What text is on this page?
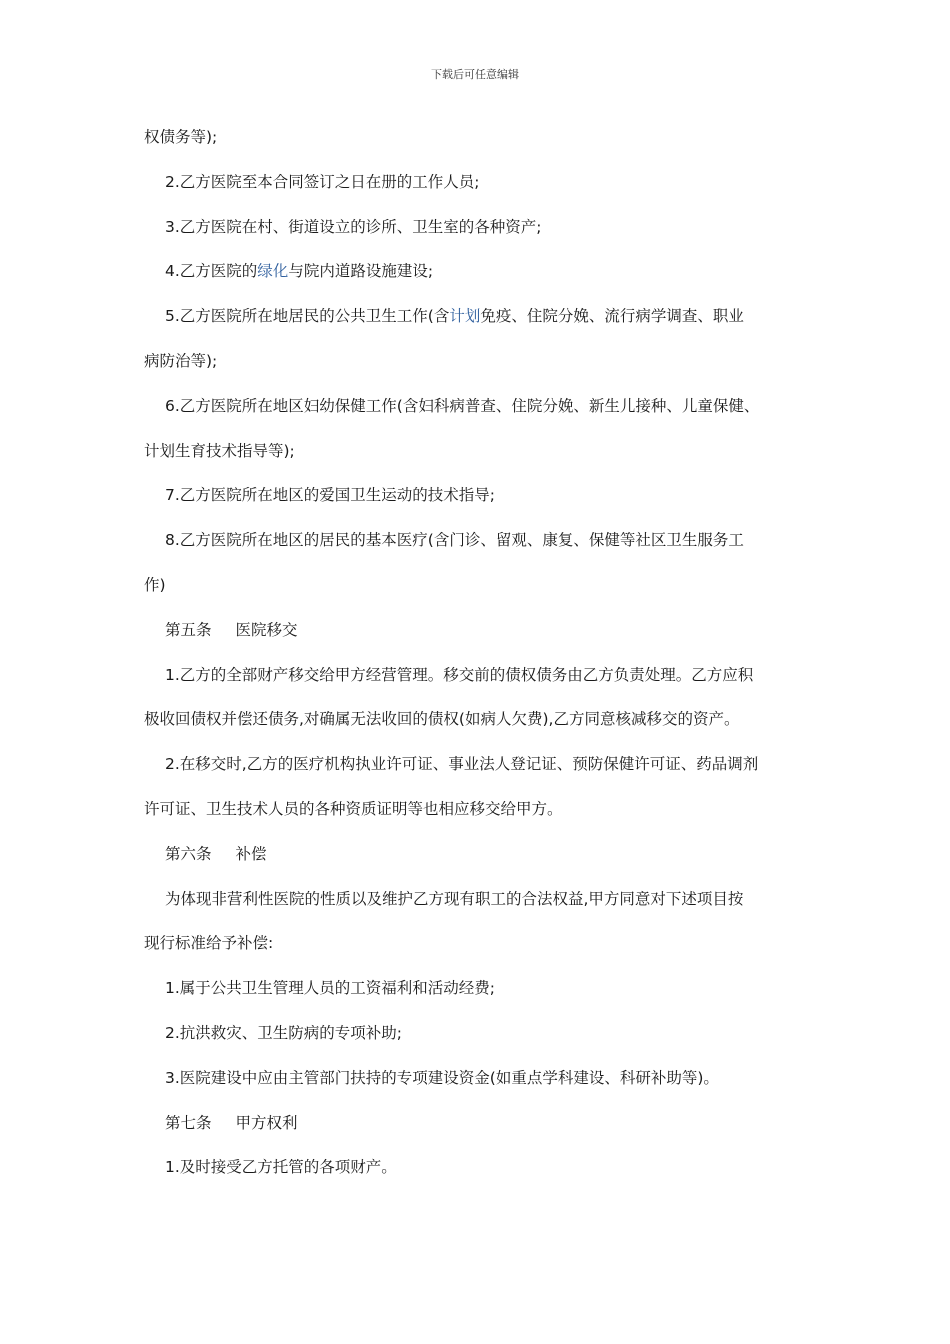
下载后可任意编辑
权债务等);
2.乙方医院至本合同签订之日在册的工作人员;
3.乙方医院在村、街道设立的诊所、卫生室的各种资产;
4.乙方医院的绿化与院内道路设施建设;
5.乙方医院所在地居民的公共卫生工作(含计划免疫、住院分娩、流行病学调查、职业
病防治等);
6.乙方医院所在地区妇幼保健工作(含妇科病普查、住院分娩、新生儿接种、儿童保健、
计划生育技术指导等);
7.乙方医院所在地区的爱国卫生运动的技术指导;
8.乙方医院所在地区的居民的基本医疗(含门诊、留观、康复、保健等社区卫生服务工
作)
第五条 医院移交
1.乙方的全部财产移交给甲方经营管理。移交前的债权债务由乙方负责处理。乙方应积
极收回债权并偿还债务,对确属无法收回的债权(如病人欠费),乙方同意核减移交的资产。
2.在移交时,乙方的医疗机构执业许可证、事业法人登记证、预防保健许可证、药品调剂
许可证、卫生技术人员的各种资质证明等也相应移交给甲方。
第六条 补偿
为体现非营利性医院的性质以及维护乙方现有职工的合法权益,甲方同意对下述项目按
现行标准给予补偿:
1.属于公共卫生管理人员的工资福利和活动经费;
2.抗洪救灾、卫生防病的专项补助;
3.医院建设中应由主管部门扶持的专项建设资金(如重点学科建设、科研补助等)。
第七条 甲方权利
1.及时接受乙方托管的各项财产。
